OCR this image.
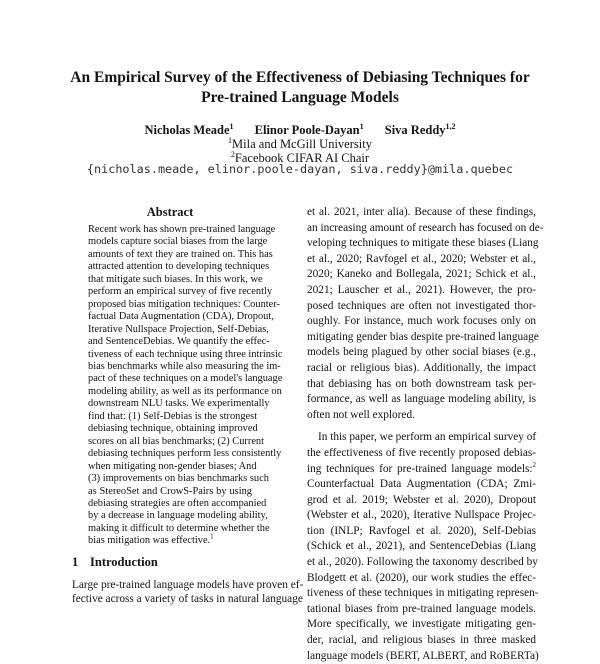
An Empirical Survey of the Effectiveness of Debiasing Techniques for
Pre-trained Language Models
Nicholas Meade$^1$ Elinor Poole-Dayan$^1$ Siva Reddy$^{1,2}$
$^1$Mila and McGill University
$^2$Facebook CIFAR AI Chair
{nicholas.meade, elinor.poole-dayan, siva.reddy}@mila.quebec
Abstract
Recent work has shown pre-trained language
models capture social biases from the large
amounts of text they are trained on. This has
attracted attention to developing techniques
that mitigate such biases. In this work, we
perform an empirical survey of five recently
proposed bias mitigation techniques: Counter-
factual Data Augmentation (CDA), Dropout,
Iterative Nullspace Projection, Self-Debias,
and SentenceDebias. We quantify the effec-
tiveness of each technique using three intrinsic
bias benchmarks while also measuring the im-
pact of these techniques on a model's language
modeling ability, as well as its performance on
downstream NLU tasks. We experimentally
find that: (1) Self-Debias is the strongest
debiasing technique, obtaining improved
scores on all bias benchmarks; (2) Current
debiasing techniques perform less consistently
when mitigating non-gender biases; And
(3) improvements on bias benchmarks such
as StereoSet and CrowS-Pairs by using
debiasing strategies are often accompanied
by a decrease in language modeling ability,
making it difficult to determine whether the
bias mitigation was effective.$^1$
1 Introduction
Large pre-trained language models have proven ef-
fective across a variety of tasks in natural language
et al. 2021, inter alia). Because of these findings,
an increasing amount of research has focused on de-
veloping techniques to mitigate these biases (Liang
et al., 2020; Ravfogel et al., 2020; Webster et al.,
2020; Kaneko and Bollegala, 2021; Schick et al.,
2021; Lauscher et al., 2021). However, the pro-
posed techniques are often not investigated thor-
oughly. For instance, much work focuses only on
mitigating gender bias despite pre-trained language
models being plagued by other social biases (e.g.,
racial or religious bias). Additionally, the impact
that debiasing has on both downstream task per-
formance, as well as language modeling ability, is
often not well explored.
In this paper, we perform an empirical survey of
the effectiveness of five recently proposed debias-
ing techniques for pre-trained language models:$^2$
Counterfactual Data Augmentation (CDA; Zmi-
grod et al. 2019; Webster et al. 2020), Dropout
(Webster et al., 2020), Iterative Nullspace Projec-
tion (INLP; Ravfogel et al. 2020), Self-Debias
(Schick et al., 2021), and SentenceDebias (Liang
et al., 2020). Following the taxonomy described by
Blodgett et al. (2020), our work studies the effec-
tiveness of these techniques in mitigating represen-
tational biases from pre-trained language models.
More specifically, we investigate mitigating gen-
der, racial, and religious biases in three masked
language models (BERT, ALBERT, and RoBERTa)
